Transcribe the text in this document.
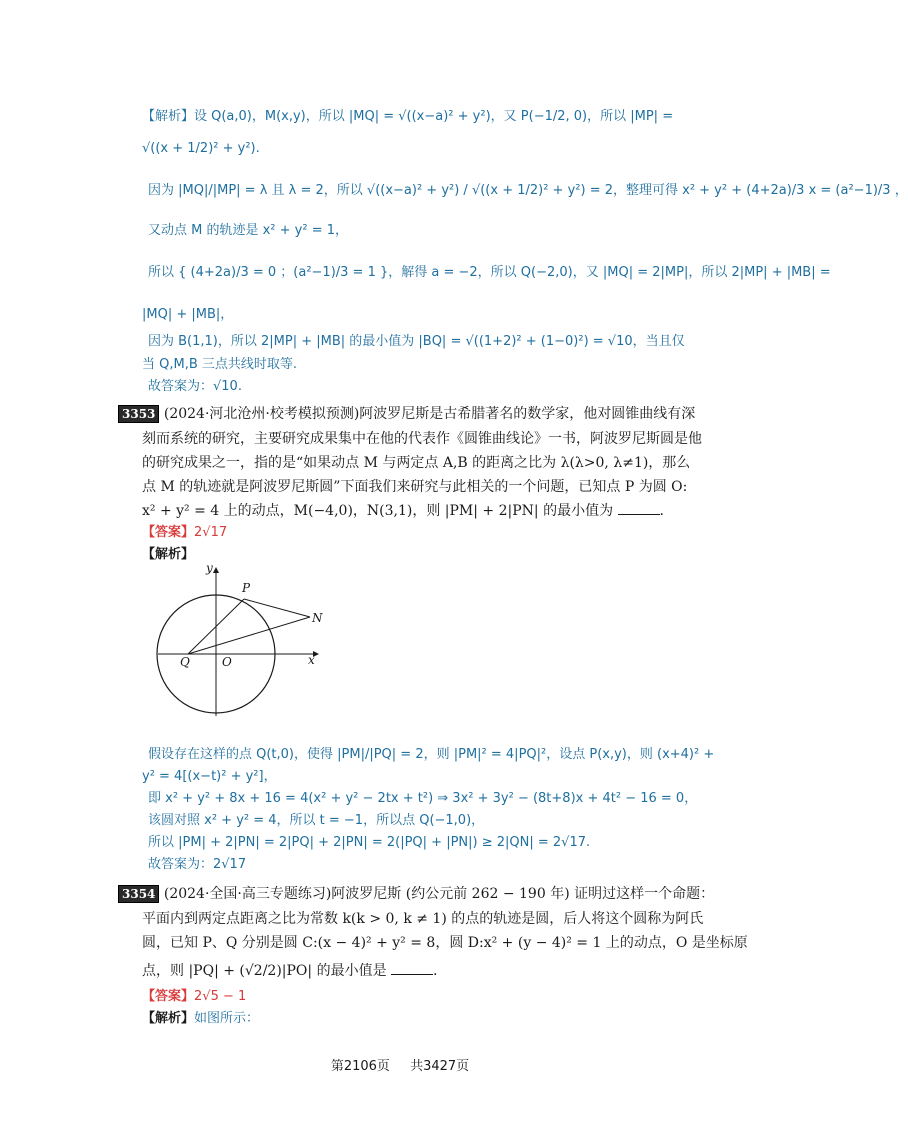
【解析】设 Q(a,0)，M(x,y)，所以 |MQ| = √((x−a)² + y²)，又 P(−1/2, 0)，所以 |MP| =
√((x + 1/2)² + y²).
因为 |MQ|/|MP| = λ 且 λ = 2，所以 √((x−a)² + y²) / √((x + 1/2)² + y²) = 2，整理可得 x² + y² + (4+2a)/3 x = (a²−1)/3 ，
又动点 M 的轨迹是 x² + y² = 1，
所以 { (4+2a)/3 = 0 ；(a²−1)/3 = 1 }，解得 a = −2，所以 Q(−2,0)，又 |MQ| = 2|MP|，所以 2|MP| + |MB| =
|MQ| + |MB|，
因为 B(1,1)，所以 2|MP| + |MB| 的最小值为 |BQ| = √((1+2)² + (1−0)²) = √10，当且仅
当 Q,M,B 三点共线时取等.
故答案为：√10.
3353 (2024·河北沧州·校考模拟预测)阿波罗尼斯是古希腊著名的数学家，他对圆锥曲线有深
刻而系统的研究，主要研究成果集中在他的代表作《圆锥曲线论》一书，阿波罗尼斯圆是他
的研究成果之一，指的是“如果动点 M 与两定点 A,B 的距离之比为 λ(λ>0, λ≠1)，那么
点 M 的轨迹就是阿波罗尼斯圆”下面我们来研究与此相关的一个问题，已知点 P 为圆 O:
x² + y² = 4 上的动点，M(−4,0)，N(3,1)，则 |PM| + 2|PN| 的最小值为	.
【答案】2√17
【解析】
x
y
O
P
Q
N
假设存在这样的点 Q(t,0)，使得 |PM|/|PQ| = 2，则 |PM|² = 4|PQ|²，设点 P(x,y)，则 (x+4)² +
y² = 4[(x−t)² + y²]，
即 x² + y² + 8x + 16 = 4(x² + y² − 2tx + t²) ⇒ 3x² + 3y² − (8t+8)x + 4t² − 16 = 0，
该圆对照 x² + y² = 4，所以 t = −1，所以点 Q(−1,0)，
所以 |PM| + 2|PN| = 2|PQ| + 2|PN| = 2(|PQ| + |PN|) ≥ 2|QN| = 2√17.
故答案为：2√17
3354 (2024·全国·高三专题练习)阿波罗尼斯 (约公元前 262 − 190 年) 证明过这样一个命题：
平面内到两定点距离之比为常数 k(k > 0, k ≠ 1) 的点的轨迹是圆，后人将这个圆称为阿氏
圆，已知 P、Q 分别是圆 C:(x − 4)² + y² = 8，圆 D:x² + (y − 4)² = 1 上的动点，O 是坐标原
点，则 |PQ| + (√2/2)|PO| 的最小值是	.
【答案】2√5 − 1
【解析】如图所示：
第2106页 共3427页
